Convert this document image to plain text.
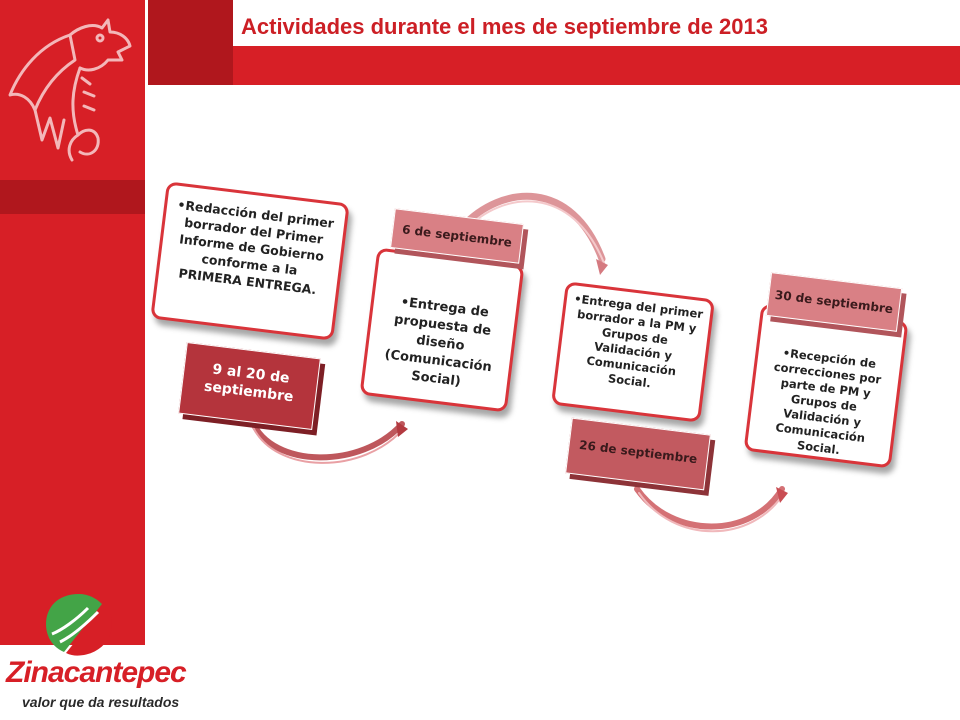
Actividades durante el mes de septiembre de 2013
• Redacción del primer borrador del Primer Informe de Gobierno conforme a la PRIMERA ENTREGA.
9 al 20 de septiembre
• Entrega de propuesta de diseño (Comunicación Social)
6 de septiembre
• Entrega del primer borrador a la PM y Grupos de Validación y Comunicación Social.
26 de septiembre
• Recepción de correcciones por parte de PM y Grupos de Validación y Comunicación Social.
30 de septiembre
Zinacantepec
valor que da resultados
